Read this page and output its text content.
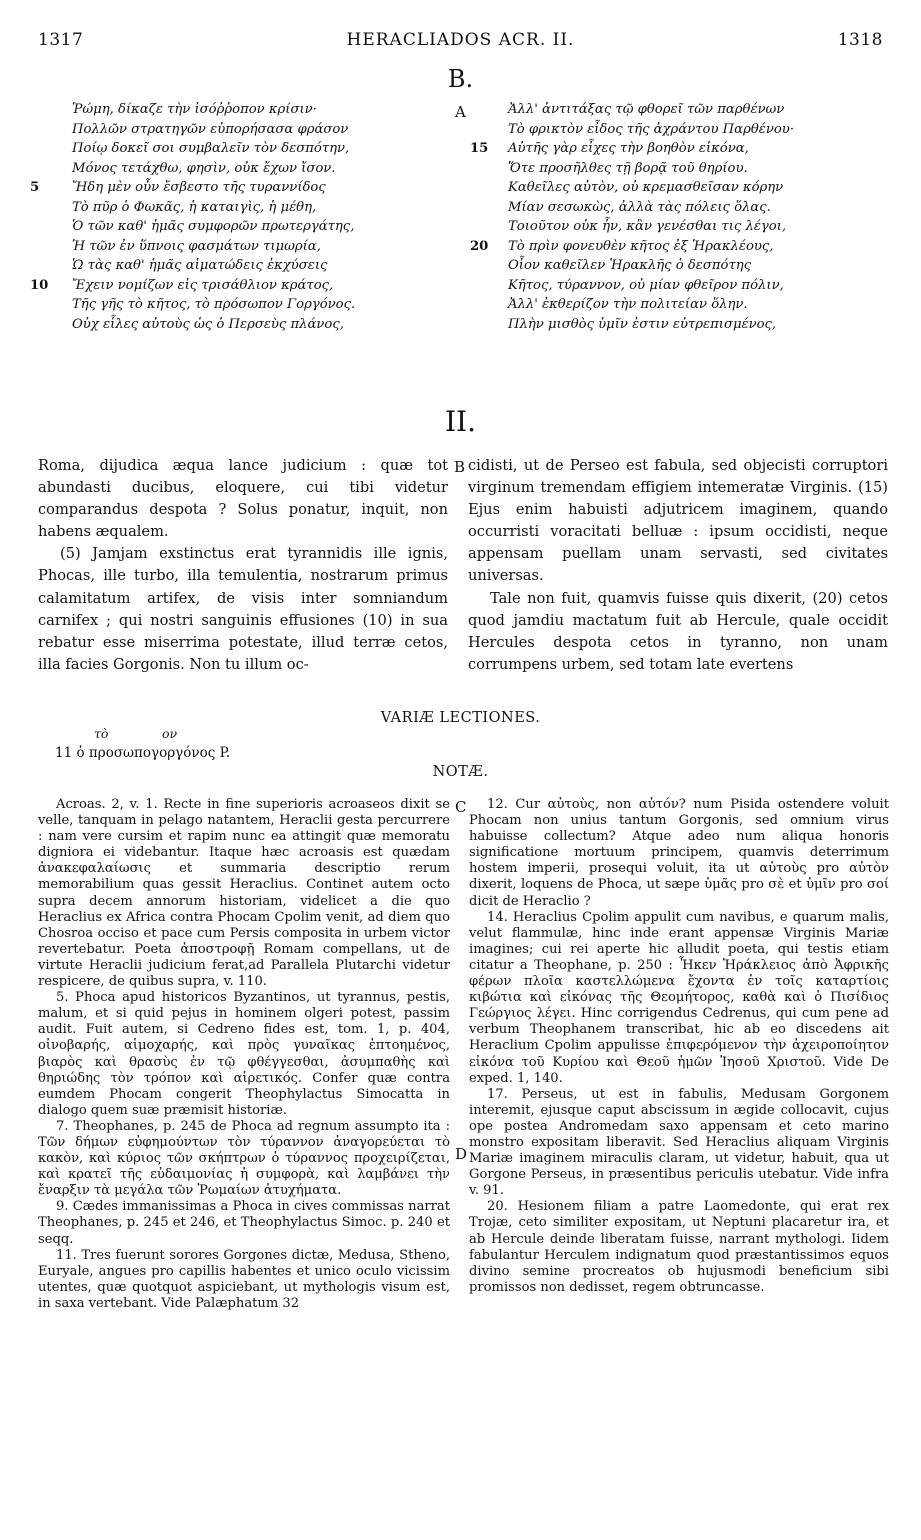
1317	HERACLIADOS ACR. II.	1318
B.
A
Ῥώμη, δίκαζε τὴν ἰσόῤῥοπον κρίσιν·
Πολλῶν στρατηγῶν εὐπορήσασα φράσον
Ποίῳ δοκεῖ σοι συμβαλεῖν τὸν δεσπότην,
Μόνος τετάχθω, φησὶν, οὐκ ἔχων ἴσον.
5	Ἤδη μὲν οὖν ἔσβεστο τῆς τυραννίδος
Τὸ πῦρ ὁ Φωκᾶς, ἡ καταιγὶς, ἡ μέθη,
Ὁ τῶν καθ' ἡμᾶς συμφορῶν πρωτεργάτης,
Ἡ τῶν ἐν ὕπνοις φασμάτων τιμωρία,
Ὡ τὰς καθ' ἡμᾶς αἱματώδεις ἐκχύσεις
10	Ἔχειν νομίζων εἰς τρισάθλιον κράτος,
Τῆς γῆς τὸ κῆτος, τὸ πρόσωπον Γοργόνος.
Οὐχ εἷλες αὐτοὺς ὡς ὁ Περσεὺς πλάνος,
Ἀλλ' ἀντιτάξας τῷ φθορεῖ τῶν παρθένων
Τὸ φρικτὸν εἶδος τῆς ἀχράντου Παρθένου·
15	Αὐτῆς γὰρ εἶχες τὴν βοηθὸν εἰκόνα,
Ὅτε προσῆλθες τῇ βορᾷ τοῦ θηρίου.
Καθεῖλες αὐτὸν, οὐ κρεμασθεῖσαν κόρην
Μίαν σεσωκὼς, ἀλλὰ τὰς πόλεις ὅλας.
Τοιοῦτον οὐκ ἦν, κἂν γενέσθαι τις λέγοι,
20	Τὸ πρὶν φονευθὲν κῆτος ἐξ Ἡρακλέους,
Οἷον καθεῖλεν Ἡρακλῆς ὁ δεσπότης
Κῆτος, τύραννον, οὐ μίαν φθεῖρον πόλιν,
Ἀλλ' ἐκθερίζον τὴν πολιτείαν ὅλην.
Πλὴν μισθὸς ὑμῖν ἐστιν εὐτρεπισμένος,
II.
B

Roma, dijudica æqua lance judicium : quæ tot abundasti ducibus, eloquere, cui tibi videtur comparandus despota ? Solus ponatur, inquit, non habens æqualem.

(5) Jamjam exstinctus erat tyrannidis ille ignis, Phocas, ille turbo, illa temulentia, nostrarum primus calamitatum artifex, de visis inter somniandum carnifex ; qui nostri sanguinis effusiones (10) in sua rebatur esse miserrima potestate, illud terræ cetos, illa facies Gorgonis. Non tu illum oc-

cidisti, ut de Perseo est fabula, sed objecisti corruptori virginum tremendam effigiem intemeratæ Virginis. (15) Ejus enim habuisti adjutricem imaginem, quando occurristi voracitati belluæ : ipsum occidisti, neque appensam puellam unam servasti, sed civitates universas.

Tale non fuit, quamvis fuisse quis dixerit, (20) cetos quod jamdiu mactatum fuit ab Hercule, quale occidit Hercules despota cetos in tyranno, non unam corrumpens urbem, sed totam late evertens

VARIÆ LECTIONES.
τὸ	ον
11 ὁ προσωπογοργόνος P.
NOTÆ.
C
D

Acroas. 2, v. 1. Recte in fine superioris acroaseos dixit se velle, tanquam in pelago natantem, Heraclii gesta percurrere : nam vere cursim et rapim nunc ea attingit quæ memoratu digniora ei videbantur. Itaque hæc acroasis est quædam ἀνακεφαλαίωσις et summaria descriptio rerum memorabilium quas gessit Heraclius. Continet autem octo supra decem annorum historiam, videlicet a die quo Heraclius ex Africa contra Phocam Cpolim venit, ad diem quo Chosroa occiso et pace cum Persis composita in urbem victor revertebatur. Poeta ἀποστροφῇ Romam compellans, ut de virtute Heraclii judicium ferat,ad Parallela Plutarchi videtur respicere, de quibus supra, v. 110.

5. Phoca apud historicos Byzantinos, ut tyrannus, pestis, malum, et si quid pejus in hominem olgeri potest, passim audit. Fuit autem, si Cedreno fides est, tom. 1, p. 404, οἰνοβαρής, αἱμοχαρής, καὶ πρὸς γυναῖκας ἐπτοημένος, βιαρὸς καὶ θρασὺς ἐν τῷ φθέγγεσθαι, ἀσυμπαθὴς καὶ θηριώδης τὸν τρόπον καὶ αἱρετικός. Confer quæ contra eumdem Phocam congerit Theophylactus Simocatta in dialogo quem suæ præmisit historiæ.

7. Theophanes, p. 245 de Phoca ad regnum assumpto ita : Τῶν δήμων εὐφημούντων τὸν τύραννον ἀναγορεύεται τὸ κακὸν, καὶ κύριος τῶν σκήπτρων ὁ τύραννος προχειρίζεται, καὶ κρατεῖ τῆς εὐδαιμονίας ἡ συμφορὰ, καὶ λαμβάνει τὴν ἔναρξιν τὰ μεγάλα τῶν Ῥωμαίων ἀτυχήματα.

9. Cædes immanissimas a Phoca in cives commissas narrat Theophanes, p. 245 et 246, et Theophylactus Simoc. p. 240 et seqq.

11. Tres fuerunt sorores Gorgones dictæ, Medusa, Stheno, Euryale, angues pro capillis habentes et unico oculo vicissim utentes, quæ quotquot aspiciebant, ut mythologis visum est, in saxa vertebant. Vide Palæphatum 32

12. Cur αὐτοὺς, non αὐτόν? num Pisida ostendere voluit Phocam non unius tantum Gorgonis, sed omnium virus habuisse collectum? Atque adeo num aliqua honoris significatione mortuum principem, quamvis deterrimum hostem imperii, prosequi voluit, ita ut αὐτοὺς pro αὐτὸν dixerit, loquens de Phoca, ut sæpe ὑμᾶς pro σὲ et ὑμῖν pro σοί dicit de Heraclio ?

14. Heraclius Cpolim appulit cum navibus, e quarum malis, velut flammulæ, hinc inde erant appensæ Virginis Mariæ imagines; cui rei aperte hic alludit poeta, qui testis etiam citatur a Theophane, p. 250 : Ἦκεν Ἡράκλειος ἀπὸ Ἀφρικῆς φέρων πλοῖα καστελλώμενα ἔχοντα ἐν τοῖς καταρτίοις κιβώτια καὶ εἰκόνας τῆς Θεομήτορος, καθὰ καὶ ὁ Πισίδιος Γεώργιος λέγει. Hinc corrigendus Cedrenus, qui cum pene ad verbum Theophanem transcribat, hic ab eo discedens ait Heraclium Cpolim appulisse ἐπιφερόμενον τὴν ἀχειροποίητον εἰκόνα τοῦ Κυρίου καὶ Θεοῦ ἡμῶν Ἰησοῦ Χριστοῦ. Vide De exped. 1, 140.

17. Perseus, ut est in fabulis, Medusam Gorgonem interemit, ejusque caput abscissum in ægide collocavit, cujus ope postea Andromedam saxo appensam et ceto marino monstro expositam liberavit. Sed Heraclius aliquam Virginis Mariæ imaginem miraculis claram, ut videtur, habuit, qua ut Gorgone Perseus, in præsentibus periculis utebatur. Vide infra v. 91.

20. Hesionem filiam a patre Laomedonte, qui erat rex Trojæ, ceto similiter expositam, ut Neptuni placaretur ira, et ab Hercule deinde liberatam fuisse, narrant mythologi. Iidem fabulantur Herculem indignatum quod præstantissimos equos divino semine procreatos ob hujusmodi beneficium sibi promissos non dedisset, regem obtruncasse.
